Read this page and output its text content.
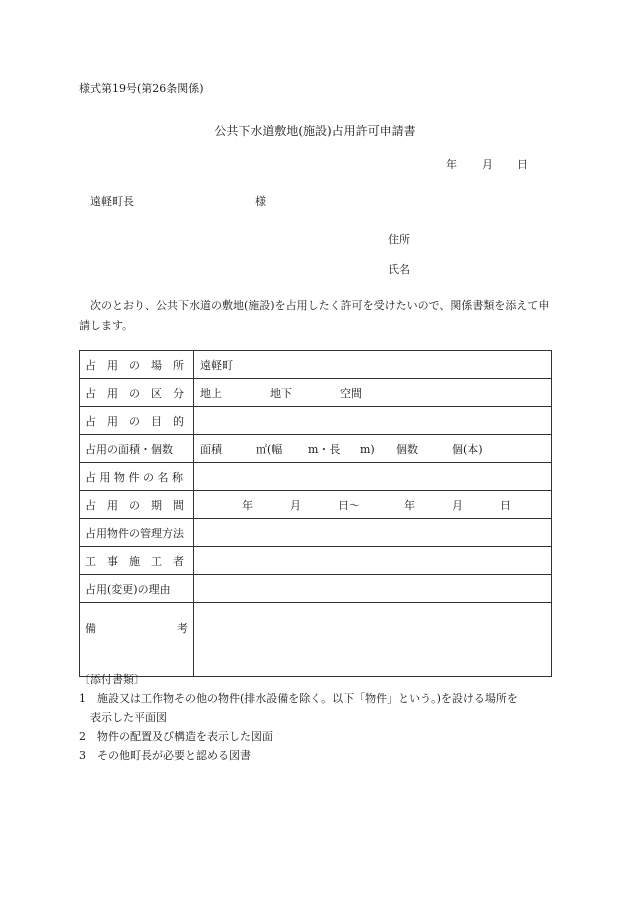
様式第19号(第26条関係)
公共下水道敷地(施設)占用許可申請書
年 月 日
遠軽町長	様
住所
氏名
次のとおり、公共下水道の敷地(施設)を占用したく許可を受けたいので、関係書類を添えて申請します。
占　用　の　場　所	遠軽町
占　用　の　区　分	地上 地下 空間
占　用　の　目　的	
占用の面積・個数	面積 ㎡(幅 m・長 m) 個数 個(本)
占 用 物 件 の 名 称	
占　用　の　期　間	年 月 日～ 年 月 日
占用物件の管理方法	
工　事　施　工　者	
占用(変更)の理由	

備 考	

〔添付書類〕
1　施設又は工作物その他の物件(排水設備を除く。以下「物件」という。)を設ける場所を
　表示した平面図
2　物件の配置及び構造を表示した図面
3　その他町長が必要と認める図書
